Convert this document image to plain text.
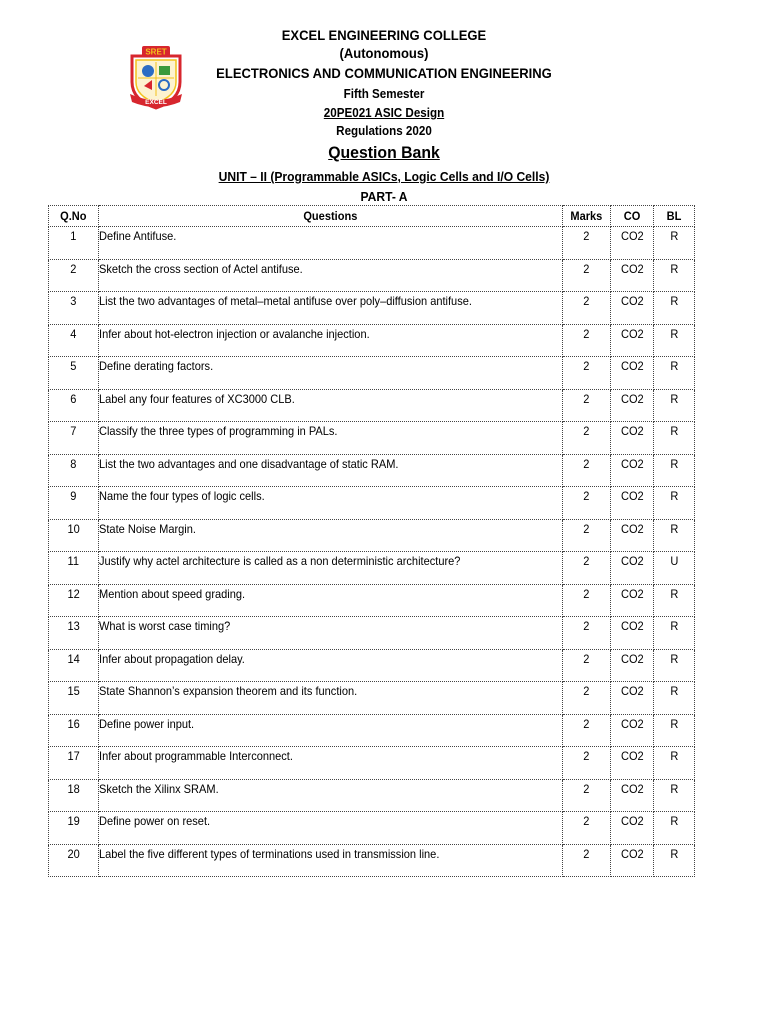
SRET
EXCEL
EXCEL ENGINEERING COLLEGE
(Autonomous)
ELECTRONICS AND COMMUNICATION ENGINEERING
Fifth Semester
20PE021 ASIC Design
Regulations 2020
Question Bank
UNIT – II (Programmable ASICs, Logic Cells and I/O Cells)
PART- A
Q.No	Questions	Marks	CO	BL
1	Define Antifuse.	2	CO2	R
2	Sketch the cross section of Actel antifuse.	2	CO2	R
3	List the two advantages of metal–metal antifuse over poly–diffusion antifuse.	2	CO2	R
4	Infer about hot-electron injection or avalanche injection.	2	CO2	R
5	Define derating factors.	2	CO2	R
6	Label any four features of XC3000 CLB.	2	CO2	R
7	Classify the three types of programming in PALs.	2	CO2	R
8	List the two advantages and one disadvantage of static RAM.	2	CO2	R
9	Name the four types of logic cells.	2	CO2	R
10	State Noise Margin.	2	CO2	R
11	Justify why actel architecture is called as a non deterministic architecture?	2	CO2	U
12	Mention about speed grading.	2	CO2	R
13	What is worst case timing?	2	CO2	R
14	Infer about propagation delay.	2	CO2	R
15	State Shannon’s expansion theorem and its function.	2	CO2	R
16	Define power input.	2	CO2	R
17	Infer about programmable Interconnect.	2	CO2	R
18	Sketch the Xilinx SRAM.	2	CO2	R
19	Define power on reset.	2	CO2	R
20	Label the five different types of terminations used in transmission line.	2	CO2	R
